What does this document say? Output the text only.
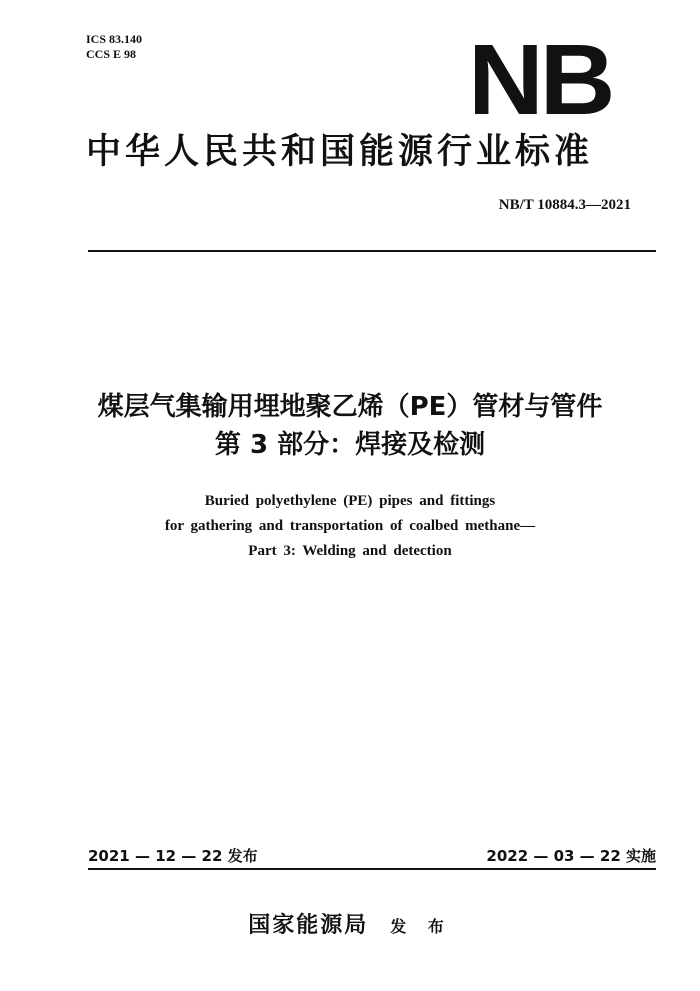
ICS 83.140
CCS E 98	NB
中华人民共和国能源行业标准
NB/T 10884.3—2021
煤层气集输用埋地聚乙烯（PE）管材与管件
第 3 部分：焊接及检测
Buried polyethylene (PE) pipes and fittings
for gathering and transportation of coalbed methane—
Part 3: Welding and detection
2021 — 12 — 22 发布	2022 — 03 — 22 实施
国家能源局 发 布
